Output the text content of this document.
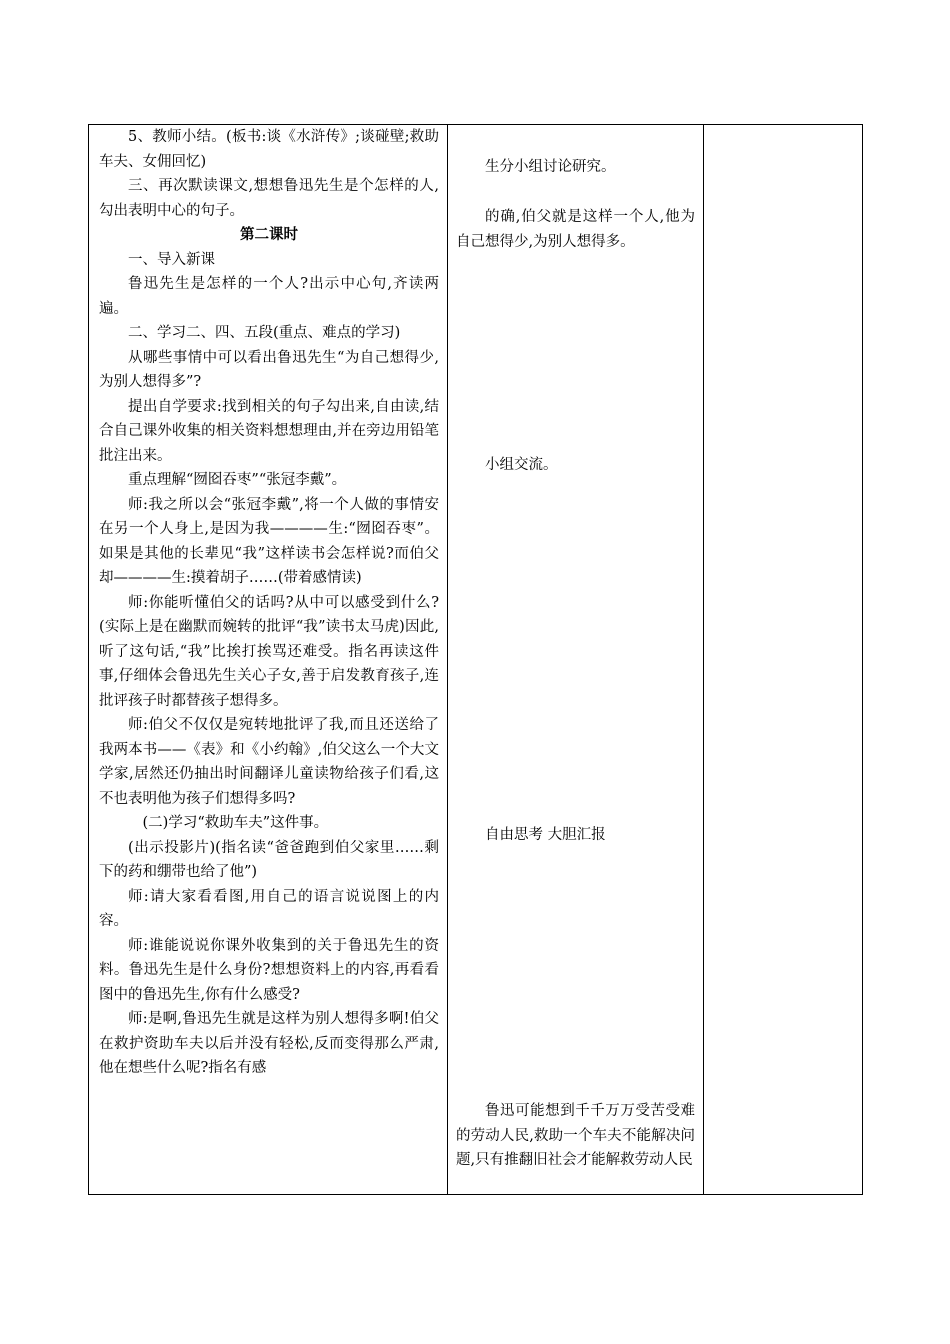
5、教师小结。(板书:谈《水浒传》;谈碰壁;救助车夫、女佣回忆)

三、再次默读课文,想想鲁迅先生是个怎样的人,勾出表明中心的句子。

第二课时

一、导入新课

鲁迅先生是怎样的一个人?出示中心句,齐读两遍。

二、学习二、四、五段(重点、难点的学习)

从哪些事情中可以看出鲁迅先生“为自己想得少,为别人想得多”?

提出自学要求:找到相关的句子勾出来,自由读,结合自己课外收集的相关资料想想理由,并在旁边用铅笔批注出来。

重点理解“囫囵吞枣”“张冠李戴”。

师:我之所以会“张冠李戴”,将一个人做的事情安在另一个人身上,是因为我————生:“囫囵吞枣”。如果是其他的长辈见“我”这样读书会怎样说?而伯父却————生:摸着胡子……(带着感情读)

师:你能听懂伯父的话吗?从中可以感受到什么?(实际上是在幽默而婉转的批评“我”读书太马虎)因此,听了这句话,“我”比挨打挨骂还难受。指名再读这件事,仔细体会鲁迅先生关心子女,善于启发教育孩子,连批评孩子时都替孩子想得多。

师:伯父不仅仅是宛转地批评了我,而且还送给了我两本书——《表》和《小约翰》,伯父这么一个大文学家,居然还仍抽出时间翻译儿童读物给孩子们看,这不也表明他为孩子们想得多吗?

(二)学习“救助车夫”这件事。

(出示投影片)(指名读“爸爸跑到伯父家里……剩下的药和绷带也给了他”)

师:请大家看看图,用自己的语言说说图上的内容。

师:谁能说说你课外收集到的关于鲁迅先生的资料。鲁迅先生是什么身份?想想资料上的内容,再看看图中的鲁迅先生,你有什么感受?

师:是啊,鲁迅先生就是这样为别人想得多啊!伯父在救护资助车夫以后并没有轻松,反而变得那么严肃,他在想些什么呢?指名有感

生分小组讨论研究。

的确,伯父就是这样一个人,他为自己想得少,为别人想得多。

小组交流。

自由思考 大胆汇报

鲁迅可能想到千千万万受苦受难的劳动人民,救助一个车夫不能解决问题,只有推翻旧社会才能解救劳动人民
